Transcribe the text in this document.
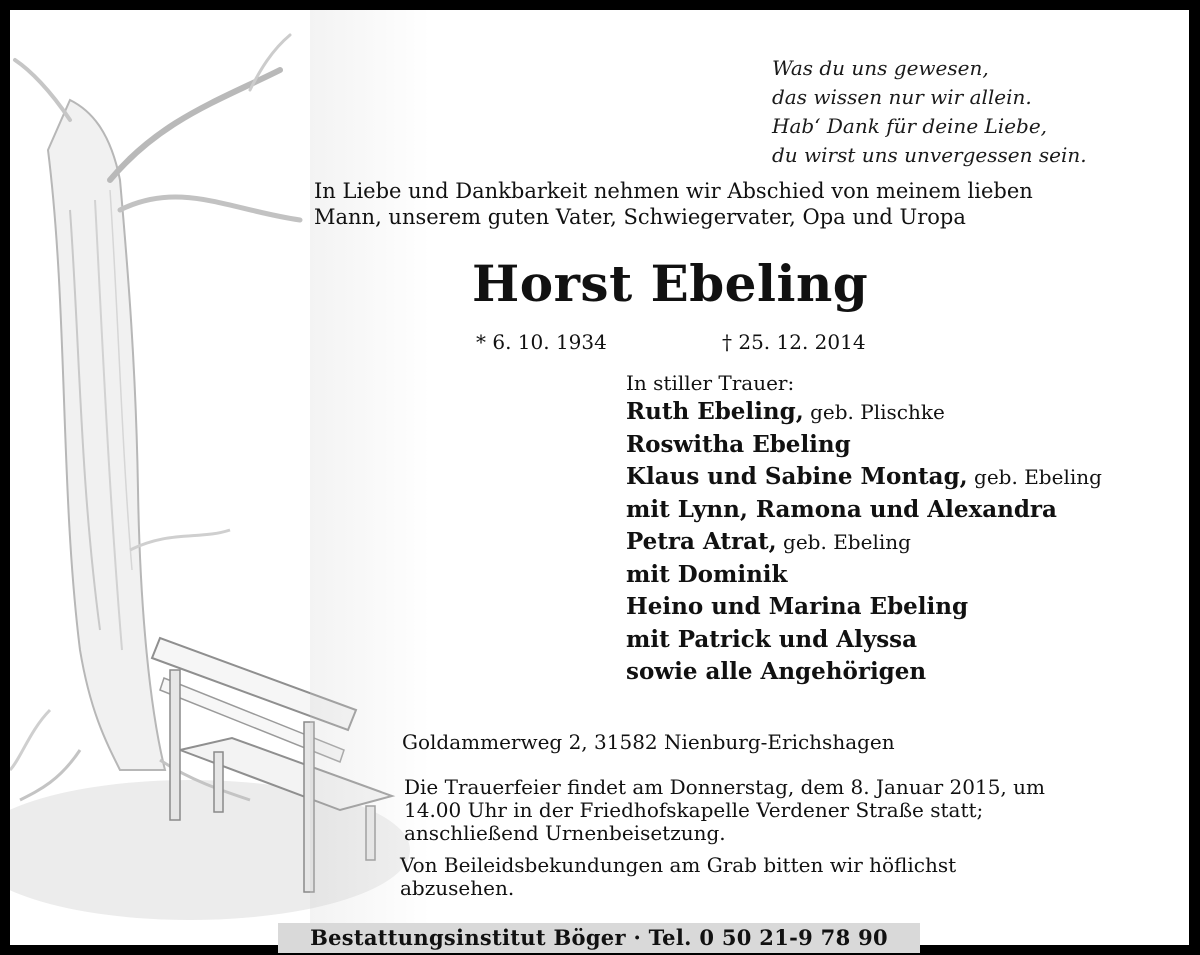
Was du uns gewesen,
das wissen nur wir allein.
Hab‘ Dank für deine Liebe,
du wirst uns unvergessen sein.
In Liebe und Dankbarkeit nehmen wir Abschied von meinem lieben
Mann, unserem guten Vater, Schwiegervater, Opa und Uropa
Horst Ebeling
* 6. 10. 1934	† 25. 12. 2014
In stiller Trauer:
Ruth Ebeling, geb. Plischke
Roswitha Ebeling
Klaus und Sabine Montag, geb. Ebeling
mit Lynn, Ramona und Alexandra
Petra Atrat, geb. Ebeling
mit Dominik
Heino und Marina Ebeling
mit Patrick und Alyssa
sowie alle Angehörigen
Goldammerweg 2, 31582 Nienburg-Erichshagen
Die Trauerfeier findet am Donnerstag, dem 8. Januar 2015, um
14.00 Uhr in der Friedhofskapelle Verdener Straße statt;
anschließend Urnenbeisetzung.
Von Beileidsbekundungen am Grab bitten wir höflichst
abzusehen.
Bestattungsinstitut Böger · Tel. 0 50 21-9 78 90
